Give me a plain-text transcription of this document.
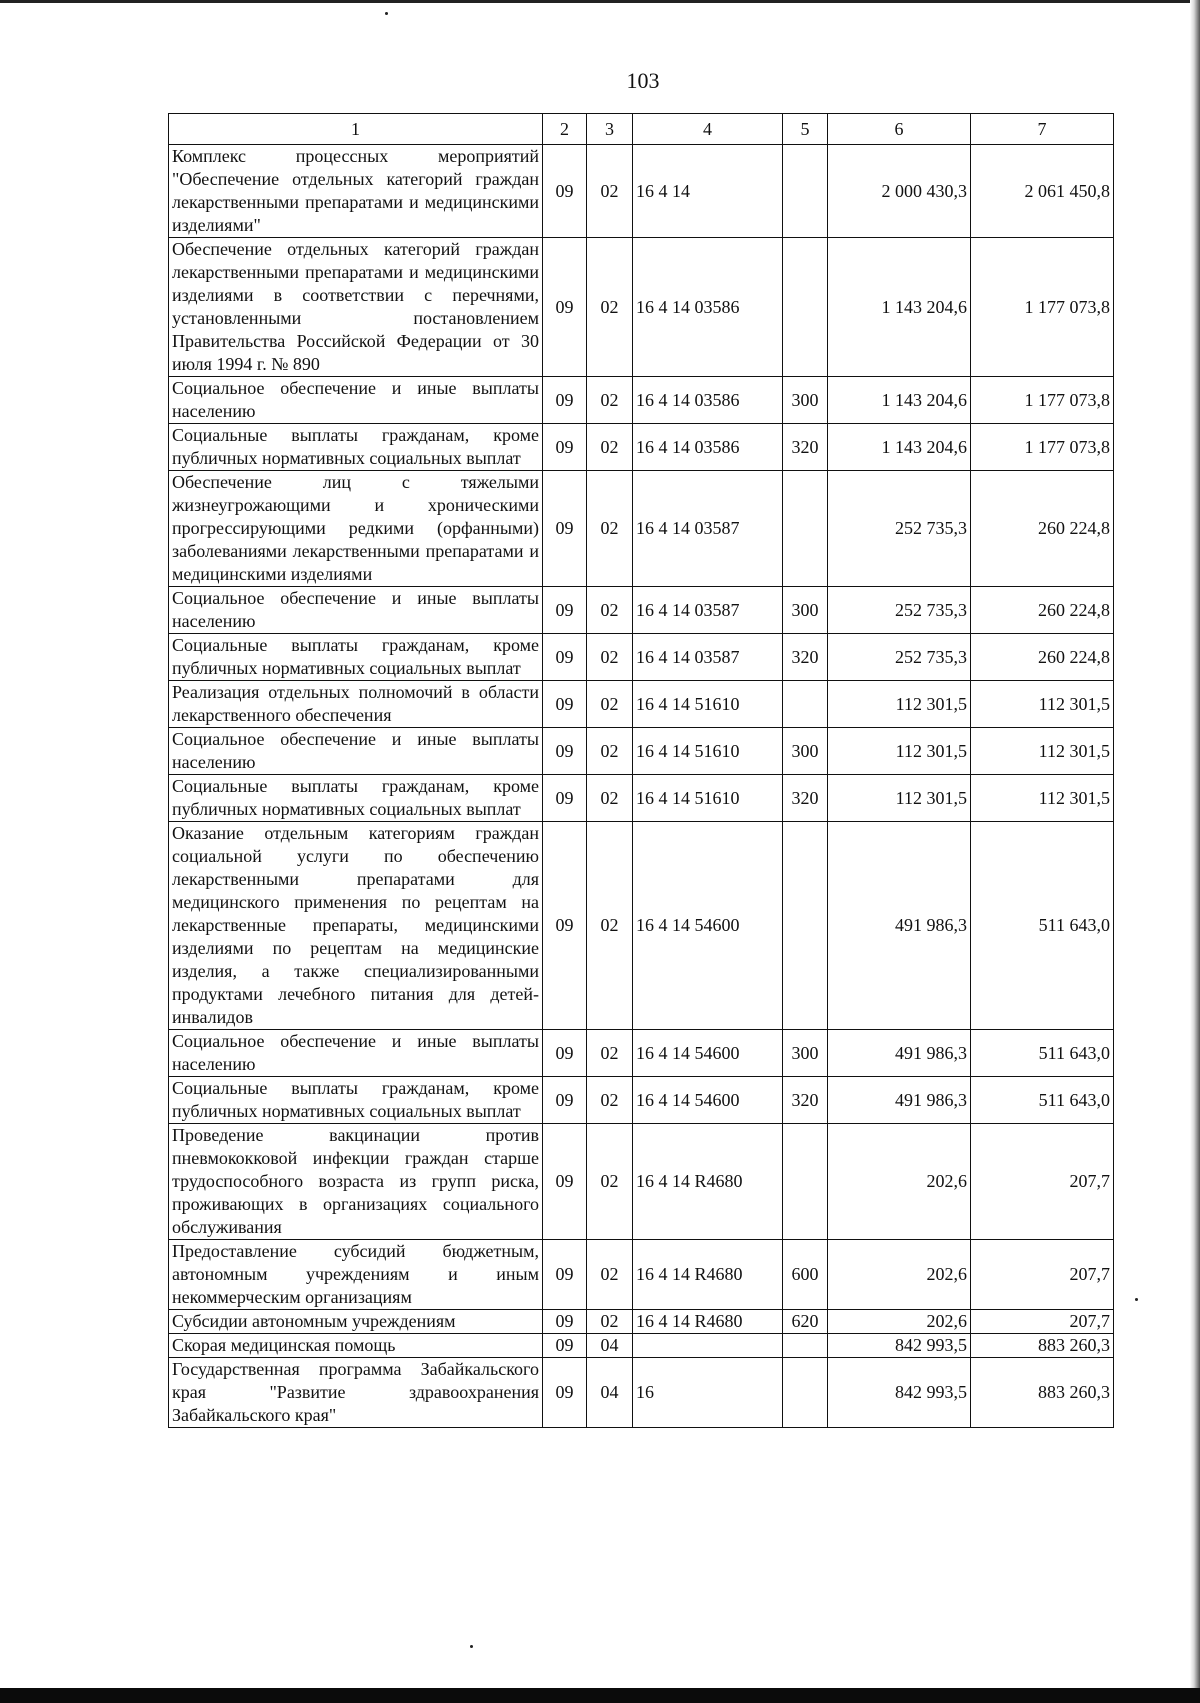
103
1	2	3	4	5	6	7
Комплекс процессных мероприятий "Обеспечение отдельных категорий граждан лекарственными препаратами и медицинскими изделиями"	09	02	16 4 14		2 000 430,3	2 061 450,8
Обеспечение отдельных категорий граждан лекарственными препаратами и медицинскими изделиями в соответствии с перечнями, установленными постановлением Правительства Российской Федерации от 30 июля 1994 г. № 890	09	02	16 4 14 03586		1 143 204,6	1 177 073,8
Социальное обеспечение и иные выплаты населению	09	02	16 4 14 03586	300	1 143 204,6	1 177 073,8
Социальные выплаты гражданам, кроме публичных нормативных социальных выплат	09	02	16 4 14 03586	320	1 143 204,6	1 177 073,8
Обеспечение лиц с тяжелыми жизнеугрожающими и хроническими прогрессирующими редкими (орфанными) заболеваниями лекарственными препаратами и медицинскими изделиями	09	02	16 4 14 03587		252 735,3	260 224,8
Социальное обеспечение и иные выплаты населению	09	02	16 4 14 03587	300	252 735,3	260 224,8
Социальные выплаты гражданам, кроме публичных нормативных социальных выплат	09	02	16 4 14 03587	320	252 735,3	260 224,8
Реализация отдельных полномочий в области лекарственного обеспечения	09	02	16 4 14 51610		112 301,5	112 301,5
Социальное обеспечение и иные выплаты населению	09	02	16 4 14 51610	300	112 301,5	112 301,5
Социальные выплаты гражданам, кроме публичных нормативных социальных выплат	09	02	16 4 14 51610	320	112 301,5	112 301,5
Оказание отдельным категориям граждан социальной услуги по обеспечению лекарственными препаратами для медицинского применения по рецептам на лекарственные препараты, медицинскими изделиями по рецептам на медицинские изделия, а также специализированными продуктами лечебного питания для детей-инвалидов	09	02	16 4 14 54600		491 986,3	511 643,0
Социальное обеспечение и иные выплаты населению	09	02	16 4 14 54600	300	491 986,3	511 643,0
Социальные выплаты гражданам, кроме публичных нормативных социальных выплат	09	02	16 4 14 54600	320	491 986,3	511 643,0
Проведение вакцинации против пневмококковой инфекции граждан старше трудоспособного возраста из групп риска, проживающих в организациях социального обслуживания	09	02	16 4 14 R4680		202,6	207,7
Предоставление субсидий бюджетным, автономным учреждениям и иным некоммерческим организациям	09	02	16 4 14 R4680	600	202,6	207,7
Субсидии автономным учреждениям	09	02	16 4 14 R4680	620	202,6	207,7
Скорая медицинская помощь	09	04			842 993,5	883 260,3
Государственная программа Забайкальского края "Развитие здравоохранения Забайкальского края"	09	04	16		842 993,5	883 260,3
